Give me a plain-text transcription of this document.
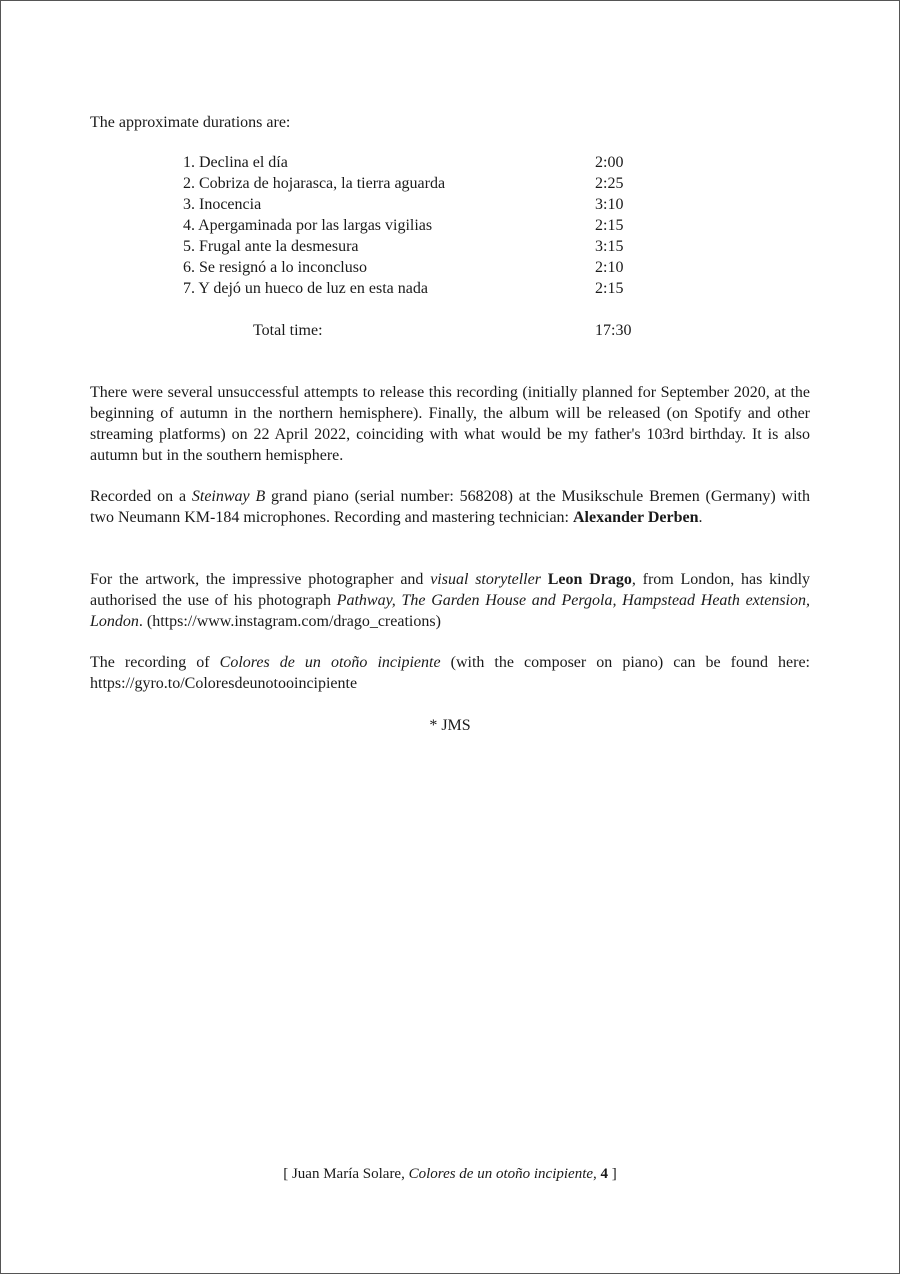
The approximate durations are:

1. Declina el día	2:00
2. Cobriza de hojarasca, la tierra aguarda	2:25
3. Inocencia	3:10
4. Apergaminada por las largas vigilias	2:15
5. Frugal ante la desmesura	3:15
6. Se resignó a lo inconcluso	2:10
7. Y dejó un hueco de luz en esta nada	2:15
Total time:	17:30

There were several unsuccessful attempts to release this recording (initially planned for September 2020, at the beginning of autumn in the northern hemisphere). Finally, the album will be released (on Spotify and other streaming platforms) on 22 April 2022, coinciding with what would be my father's 103rd birthday. It is also autumn but in the southern hemisphere.

Recorded on a Steinway B grand piano (serial number: 568208) at the Musikschule Bremen (Germany) with two Neumann KM-184 microphones. Recording and mastering technician: Alexander Derben.

For the artwork, the impressive photographer and visual storyteller Leon Drago, from London, has kindly authorised the use of his photograph Pathway, The Garden House and Pergola, Hampstead Heath extension, London. (https://www.instagram.com/drago_creations)

The recording of Colores de un otoño incipiente (with the composer on piano) can be found here: https://gyro.to/Coloresdeunotooincipiente

* JMS

[ Juan María Solare, Colores de un otoño incipiente, 4 ]
